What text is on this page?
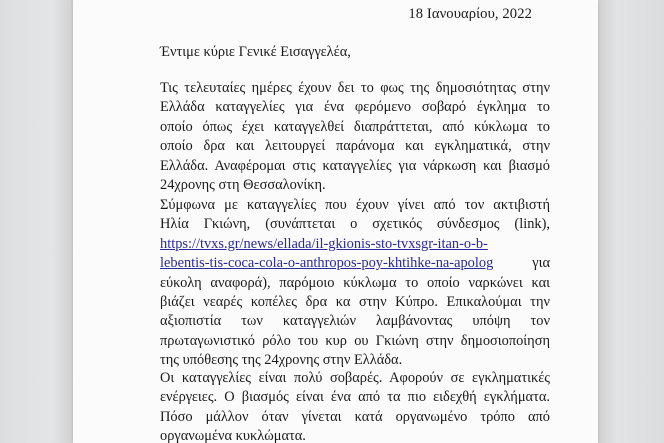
18 Ιανουαρίου, 2022
Έντιμε κύριε Γενικέ Εισαγγελέα,
Τις τελευταίες ημέρες έχουν δει το φως της δημοσιότητας στην
Ελλάδα καταγγελίες για ένα φερόμενο σοβαρό έγκλημα το
οποίο όπως έχει καταγγελθεί διαπράττεται, από κύκλωμα το
οποίο δρα και λειτουργεί παράνομα και εγκληματικά, στην
Ελλάδα. Αναφέρομαι στις καταγγελίες για νάρκωση και βιασμό
24χρονης στη Θεσσαλονίκη.
Σύμφωνα με καταγγελίες που έχουν γίνει από τον ακτιβιστή
Ηλία Γκιώνη, (συνάπτεται ο σχετικός σύνδεσμος (link),
https://tvxs.gr/news/ellada/il-gkionis-sto-tvxsgr-itan-o-b-
lebentis-tis-coca-cola-o-anthropos-poy-khtihke-na-apolog	για
εύκολη αναφορά), παρόμοιο κύκλωμα το οποίο ναρκώνει και
βιάζει νεαρές κοπέλες δρα κα στην Κύπρο. Επικαλούμαι την
αξιοπιστία των καταγγελιών λαμβάνοντας υπόψη τον
πρωταγωνιστικό ρόλο του κυρ ου Γκιώνη στην δημοσιοποίηση
της υπόθεσης της 24χρονης στην Ελλάδα.
Οι καταγγελίες είναι πολύ σοβαρές. Αφορούν σε εγκληματικές
ενέργειες. Ο βιασμός είναι ένα από τα πιο ειδεχθή εγκλήματα.
Πόσο μάλλον όταν γίνεται κατά οργανωμένο τρόπο από
οργανωμένα κυκλώματα.
